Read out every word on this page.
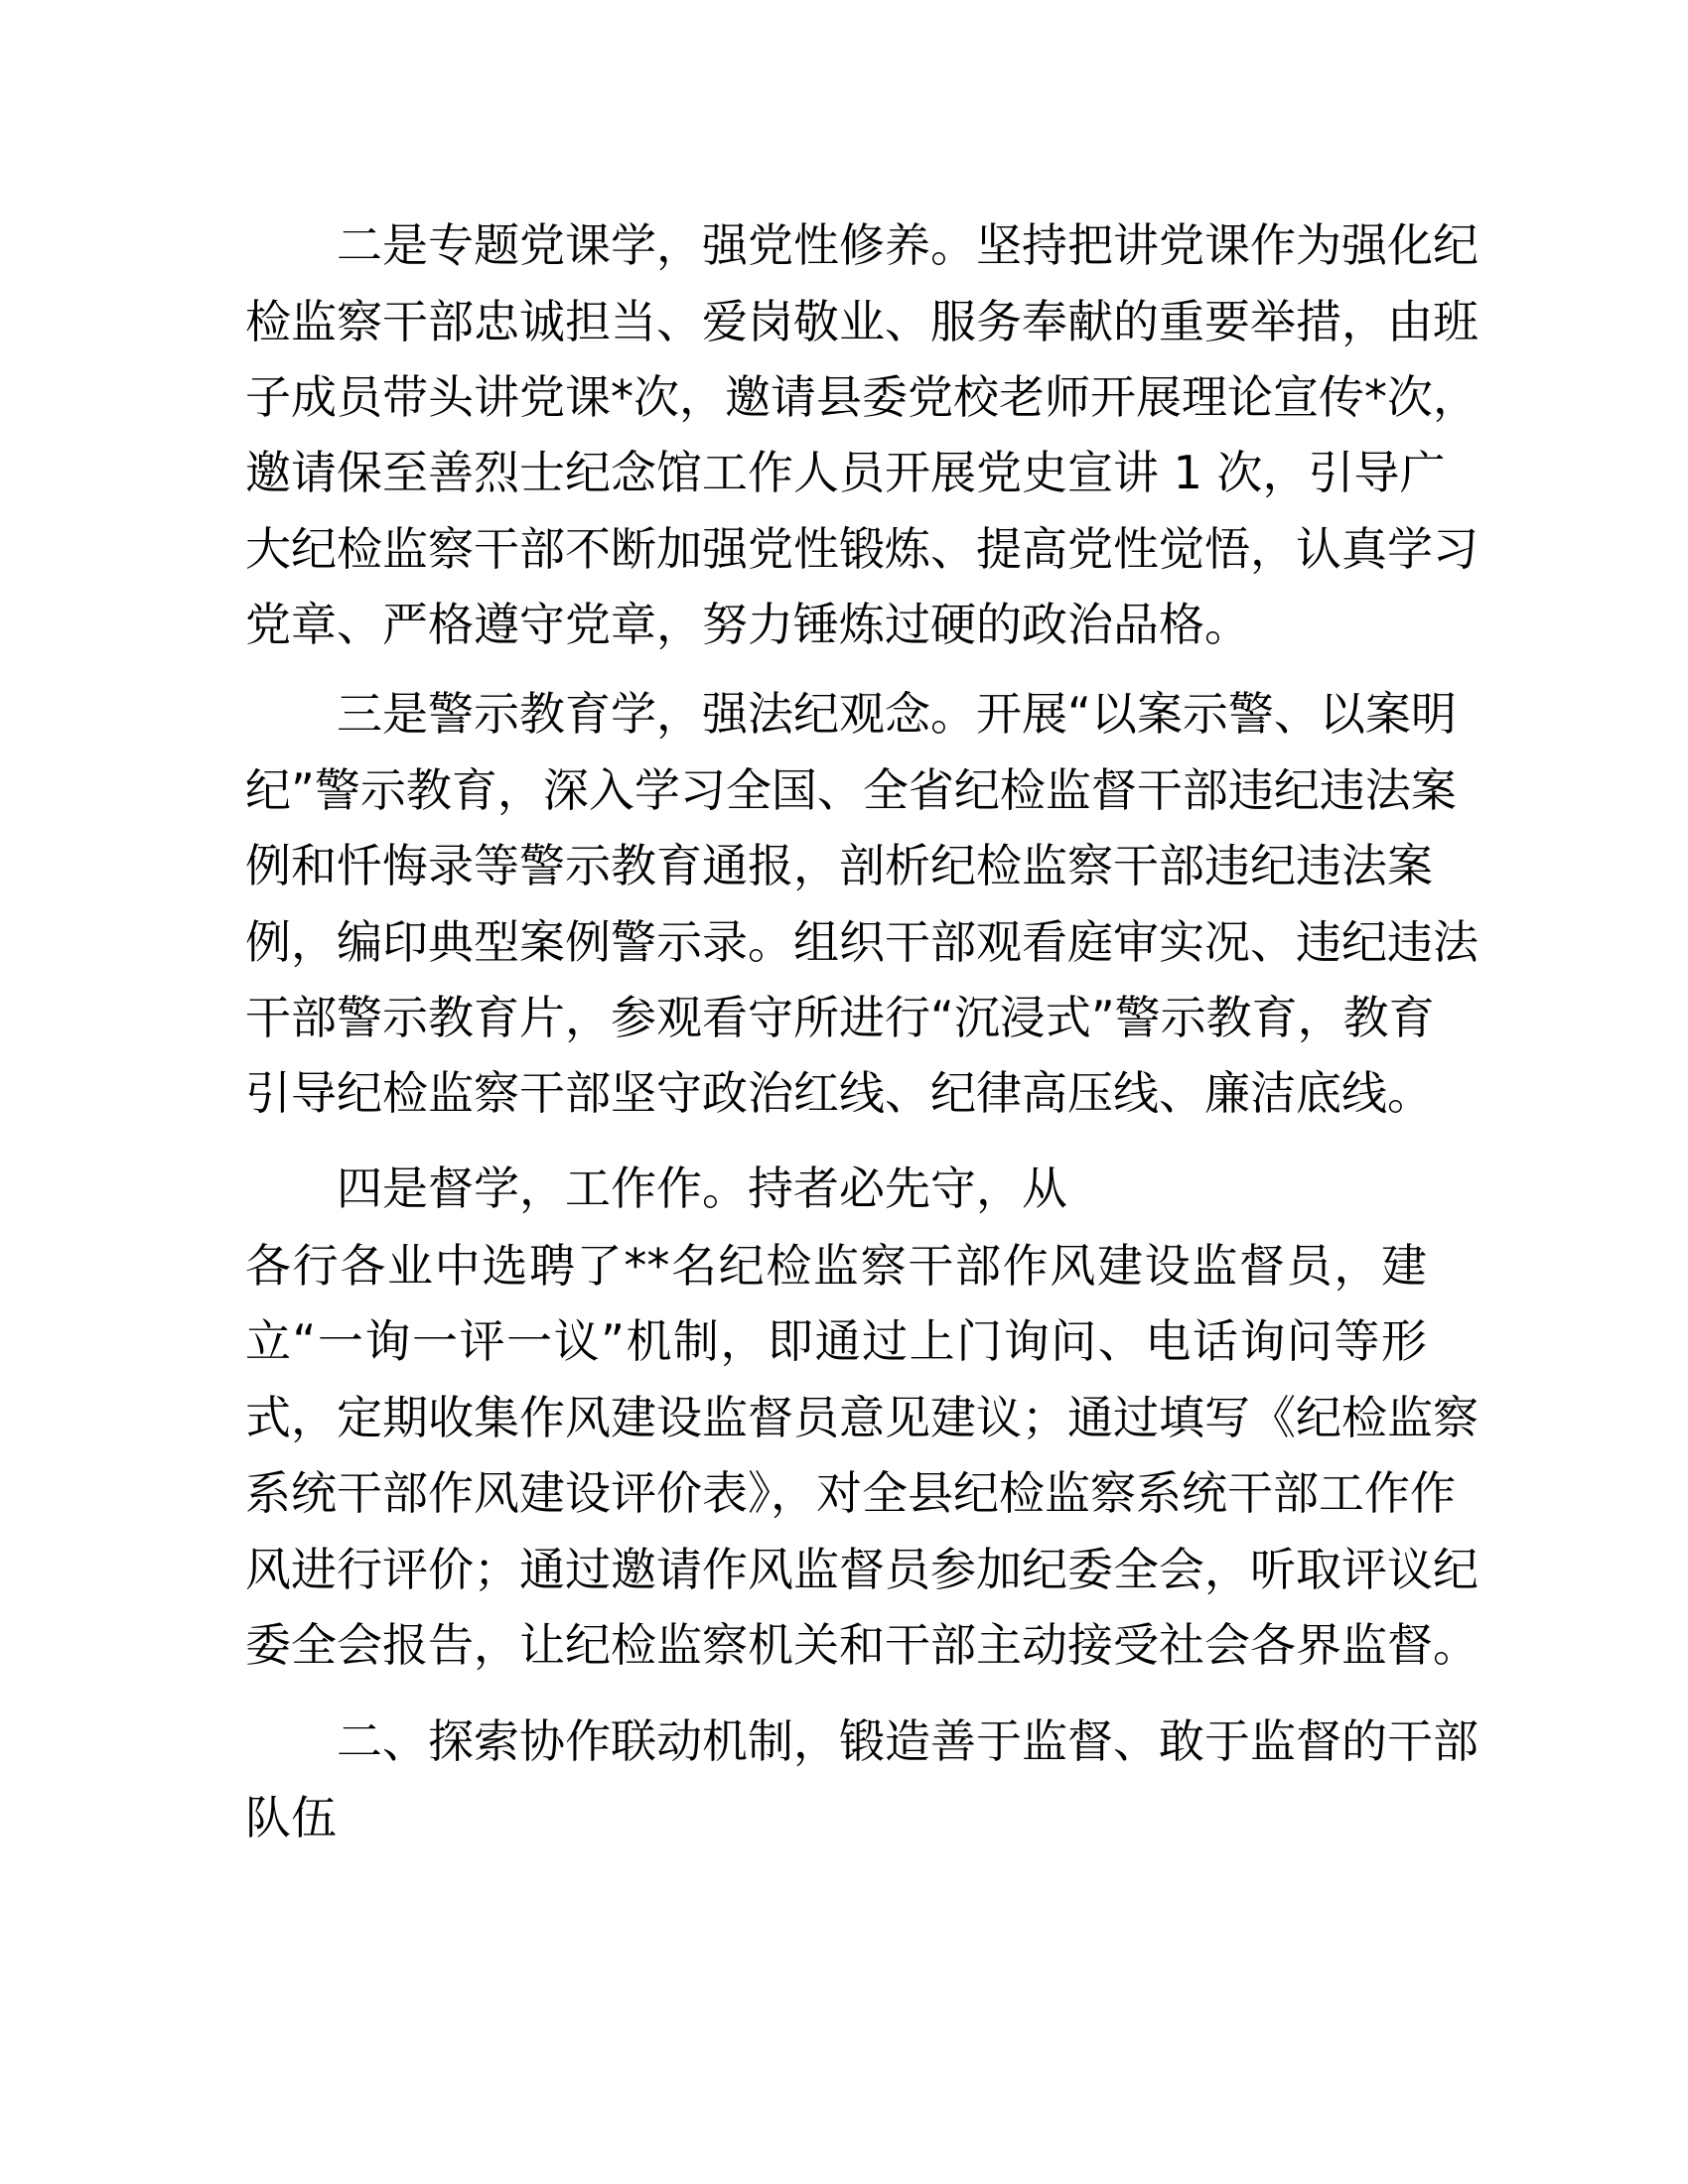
二是专题党课学，强党性修养。坚持把讲党课作为强化纪
检监察干部忠诚担当、爱岗敬业、服务奉献的重要举措，由班
子成员带头讲党课*次，邀请县委党校老师开展理论宣传*次，
邀请保至善烈士纪念馆工作人员开展党史宣讲 1 次，引导广
大纪检监察干部不断加强党性锻炼、提高党性觉悟，认真学习
党章、严格遵守党章，努力锤炼过硬的政治品格。
三是警示教育学，强法纪观念。开展“以案示警、以案明
纪”警示教育，深入学习全国、全省纪检监督干部违纪违法案
例和忏悔录等警示教育通报，剖析纪检监察干部违纪违法案
例，编印典型案例警示录。组织干部观看庭审实况、违纪违法
干部警示教育片，参观看守所进行“沉浸式”警示教育，教育
引导纪检监察干部坚守政治红线、纪律高压线、廉洁底线。
四是督学，工作作。持者必先守，从
各行各业中选聘了**名纪检监察干部作风建设监督员，建
立“一询一评一议”机制，即通过上门询问、电话询问等形
式，定期收集作风建设监督员意见建议；通过填写《纪检监察
系统干部作风建设评价表》，对全县纪检监察系统干部工作作
风进行评价；通过邀请作风监督员参加纪委全会，听取评议纪
委全会报告，让纪检监察机关和干部主动接受社会各界监督。
二、探索协作联动机制，锻造善于监督、敢于监督的干部
队伍
